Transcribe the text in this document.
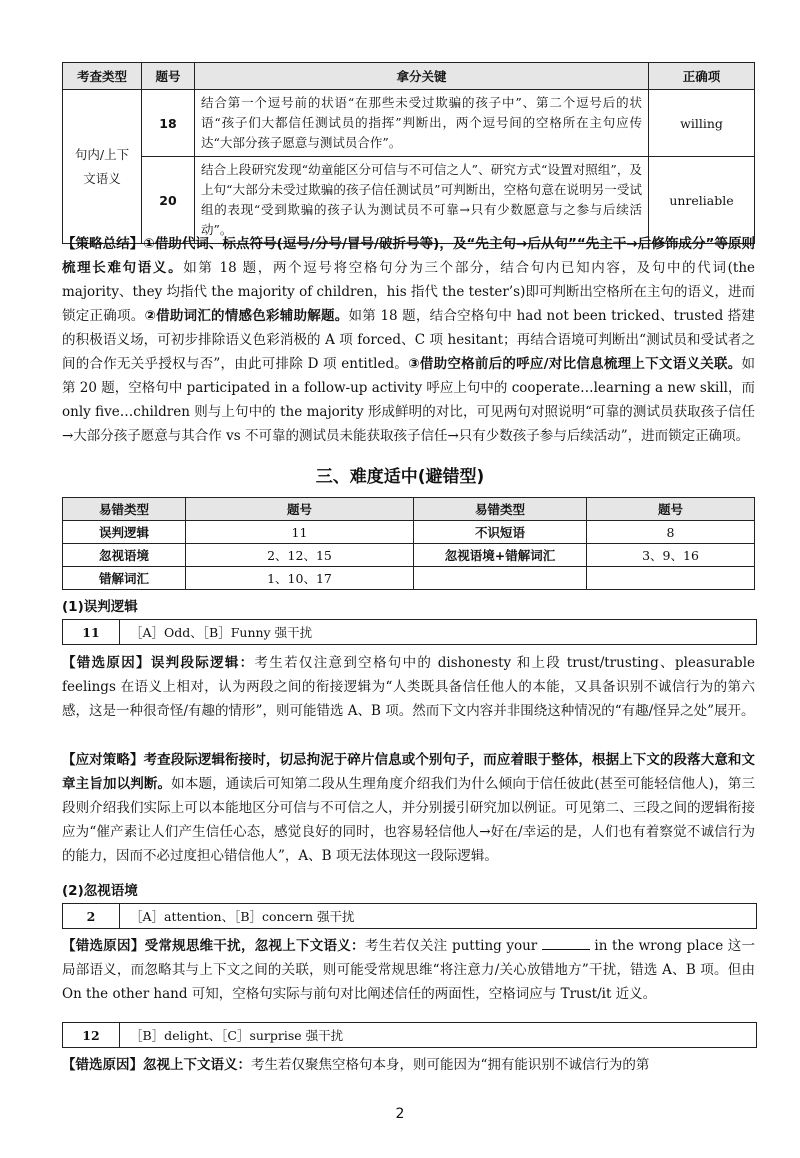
考查类型	题号	拿分关键	正确项
句内/上下文语义	18	结合第一个逗号前的状语“在那些未受过欺骗的孩子中”、第二个逗号后的状语“孩子们大都信任测试员的指挥”判断出，两个逗号间的空格所在主句应传达“大部分孩子愿意与测试员合作”。	willing
	20	结合上段研究发现“幼童能区分可信与不可信之人”、研究方式“设置对照组”，及上句“大部分未受过欺骗的孩子信任测试员”可判断出，空格句意在说明另一受试组的表现“受到欺骗的孩子认为测试员不可靠→只有少数愿意与之参与后续活动”。	unreliable

【策略总结】①借助代词、标点符号(逗号/分号/冒号/破折号等)，及“先主句→后从句”“先主干→后修饰成分”等原则梳理长难句语义。如第 18 题，两个逗号将空格句分为三个部分，结合句内已知内容，及句中的代词(the majority、they 均指代 the majority of children，his 指代 the tester’s)即可判断出空格所在主句的语义，进而锁定正确项。②借助词汇的情感色彩辅助解题。如第 18 题，结合空格句中 had not been tricked、trusted 搭建的积极语义场，可初步排除语义色彩消极的 A 项 forced、C 项 hesitant；再结合语境可判断出“测试员和受试者之间的合作无关乎授权与否”，由此可排除 D 项 entitled。③借助空格前后的呼应/对比信息梳理上下文语义关联。如第 20 题，空格句中 participated in a follow-up activity 呼应上句中的 cooperate…learning a new skill，而 only five…children 则与上句中的 the majority 形成鲜明的对比，可见两句对照说明“可靠的测试员获取孩子信任→大部分孩子愿意与其合作 vs 不可靠的测试员未能获取孩子信任→只有少数孩子参与后续活动”，进而锁定正确项。

三、难度适中(避错型)
易错类型	题号	易错类型	题号
误判逻辑	11	不识短语	8
忽视语境	2、12、15	忽视语境+错解词汇	3、9、16
错解词汇	1、10、17		
(1)误判逻辑
11	［A］Odd、［B］Funny 强干扰

【错选原因】误判段际逻辑：考生若仅注意到空格句中的 dishonesty 和上段 trust/trusting、pleasurable feelings 在语义上相对，认为两段之间的衔接逻辑为“人类既具备信任他人的本能，又具备识别不诚信行为的第六感，这是一种很奇怪/有趣的情形”，则可能错选 A、B 项。然而下文内容并非围绕这种情况的“有趣/怪异之处”展开。

【应对策略】考查段际逻辑衔接时，切忌拘泥于碎片信息或个别句子，而应着眼于整体，根据上下文的段落大意和文章主旨加以判断。如本题，通读后可知第二段从生理角度介绍我们为什么倾向于信任彼此(甚至可能轻信他人)，第三段则介绍我们实际上可以本能地区分可信与不可信之人，并分别援引研究加以例证。可见第二、三段之间的逻辑衔接应为“催产素让人们产生信任心态，感觉良好的同时，也容易轻信他人→好在/幸运的是，人们也有着察觉不诚信行为的能力，因而不必过度担心错信他人”，A、B 项无法体现这一段际逻辑。

(2)忽视语境
2	［A］attention、［B］concern 强干扰

【错选原因】受常规思维干扰，忽视上下文语义：考生若仅关注 putting your	in the wrong place 这一局部语义，而忽略其与上下文之间的关联，则可能受常规思维“将注意力/关心放错地方”干扰，错选 A、B 项。但由 On the other hand 可知，空格句实际与前句对比阐述信任的两面性，空格词应与 Trust/it 近义。

12	［B］delight、［C］surprise 强干扰

【错选原因】忽视上下文语义：考生若仅聚焦空格句本身，则可能因为“拥有能识别不诚信行为的第

2
